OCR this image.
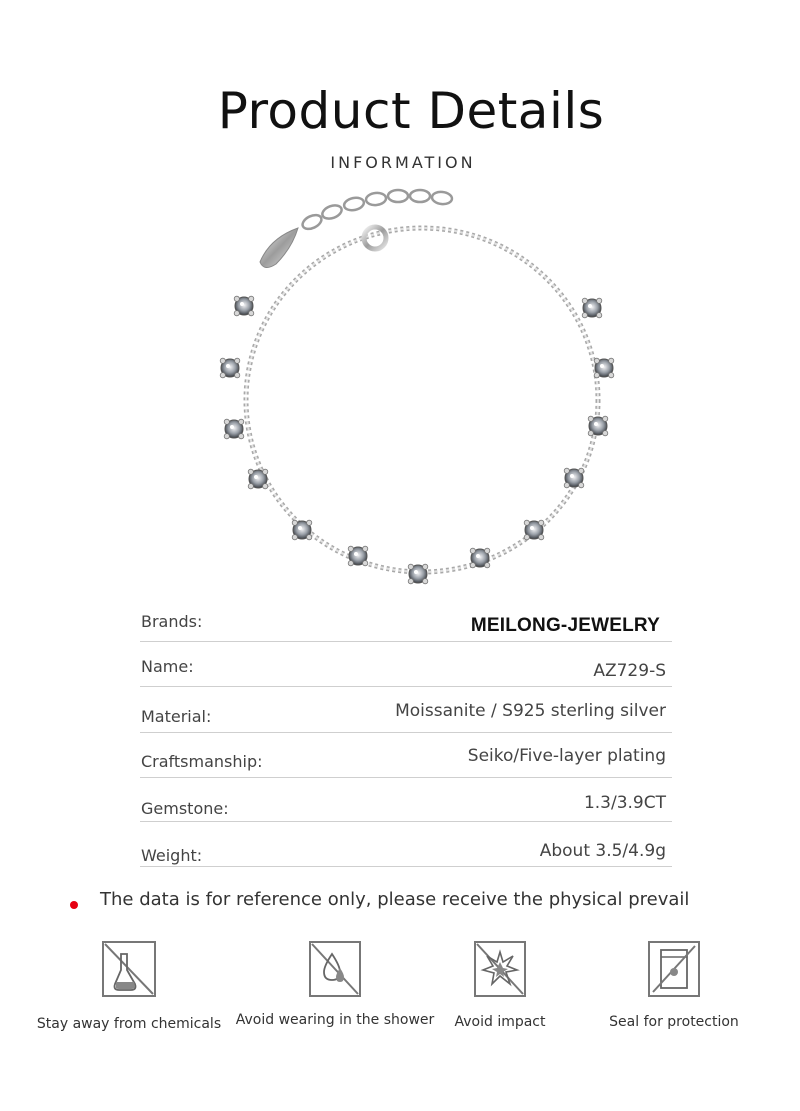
Product Details
INFORMATION
Brands:	MEILONG-JEWELRY
Name:	AZ729-S
Material:	Moissanite / S925 sterling silver
Craftsmanship:	Seiko/Five-layer plating
Gemstone:	1.3/3.9CT
Weight:	About 3.5/4.9g
The data is for reference only, please receive the physical prevail
Stay away from chemicals Avoid wearing in the shower	Avoid impact	Seal for protection
